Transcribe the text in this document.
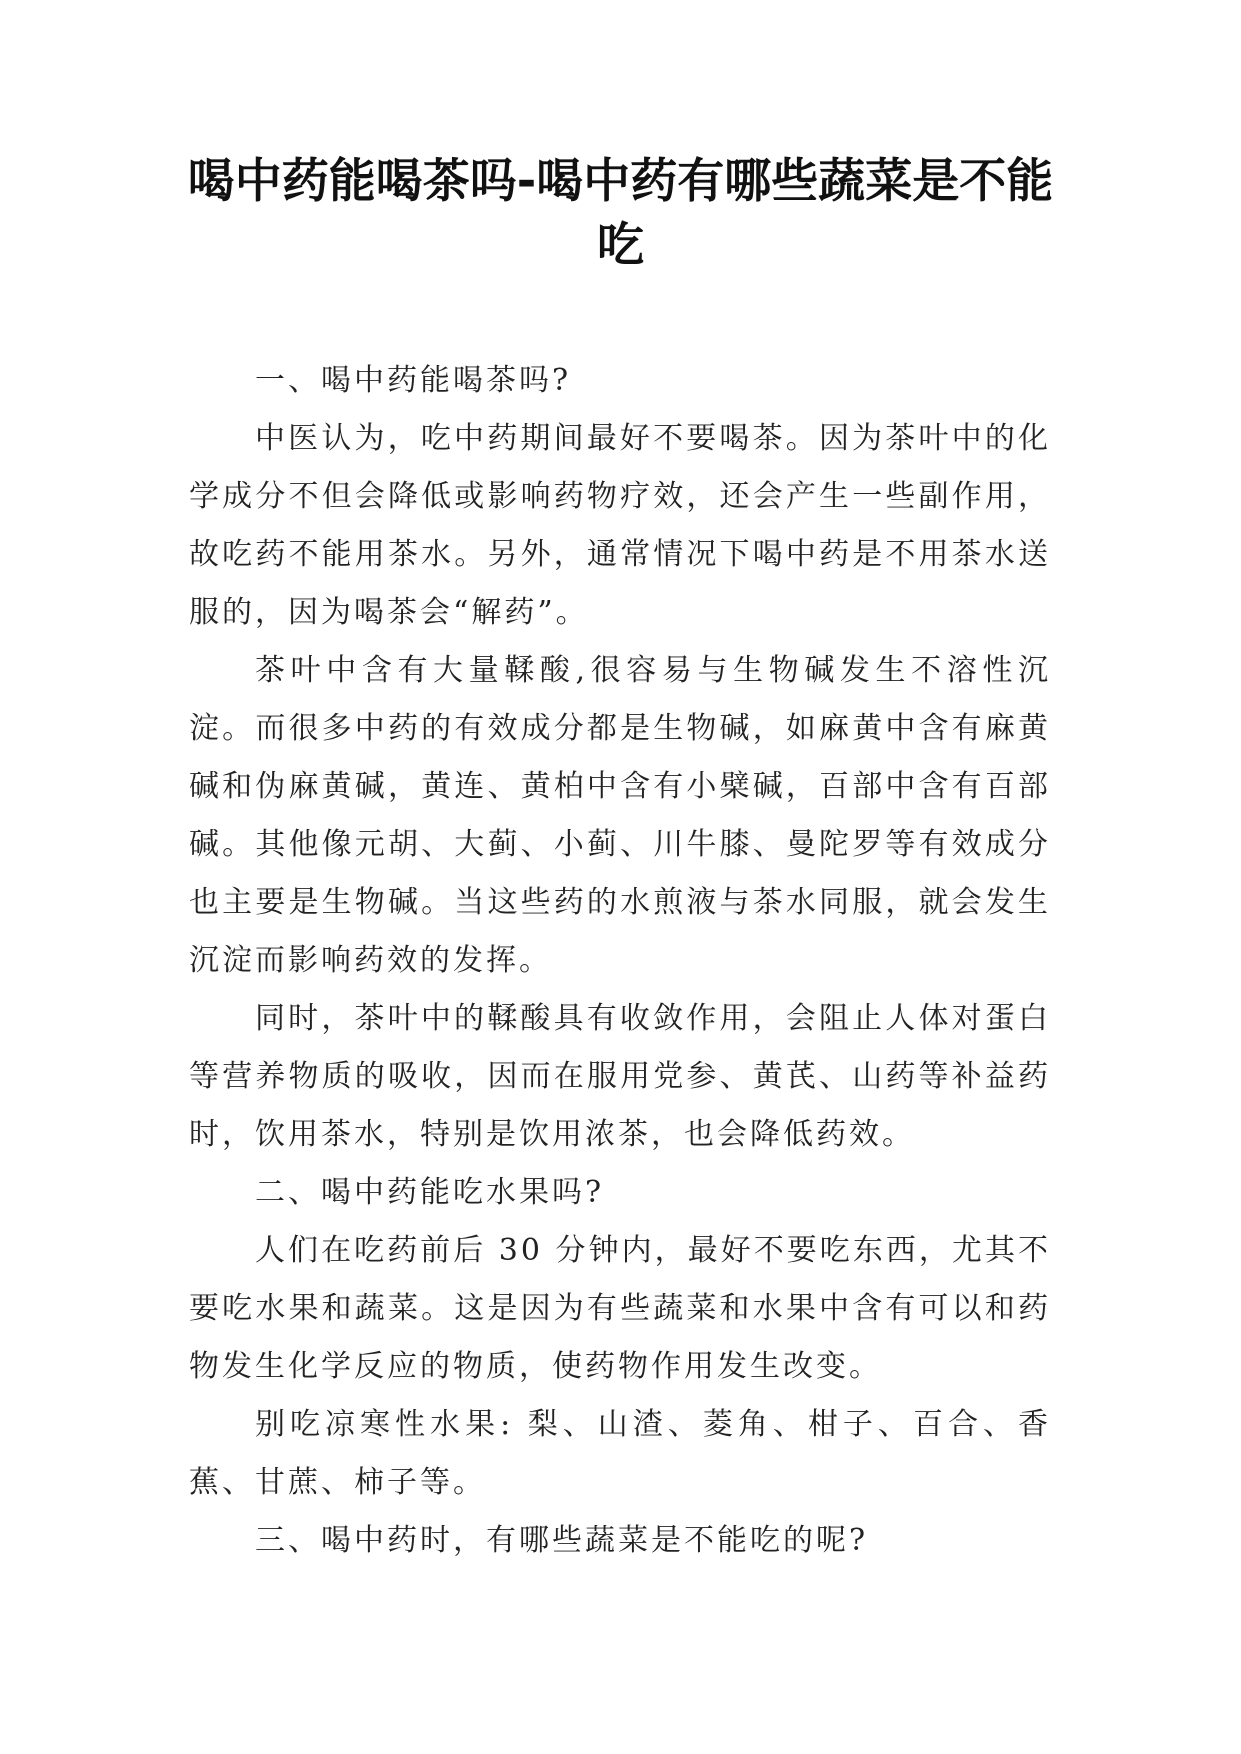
喝中药能喝茶吗-喝中药有哪些蔬菜是不能吃

一、喝中药能喝茶吗?

中医认为，吃中药期间最好不要喝茶。因为茶叶中的化学成分不但会降低或影响药物疗效，还会产生一些副作用，故吃药不能用茶水。另外，通常情况下喝中药是不用茶水送服的，因为喝茶会“解药”。

茶叶中含有大量鞣酸,很容易与生物碱发生不溶性沉淀。而很多中药的有效成分都是生物碱，如麻黄中含有麻黄碱和伪麻黄碱，黄连、黄柏中含有小檗碱，百部中含有百部碱。其他像元胡、大蓟、小蓟、川牛膝、曼陀罗等有效成分也主要是生物碱。当这些药的水煎液与茶水同服，就会发生沉淀而影响药效的发挥。

同时，茶叶中的鞣酸具有收敛作用，会阻止人体对蛋白等营养物质的吸收，因而在服用党参、黄芪、山药等补益药时，饮用茶水，特别是饮用浓茶，也会降低药效。

二、喝中药能吃水果吗?

人们在吃药前后 30 分钟内，最好不要吃东西，尤其不要吃水果和蔬菜。这是因为有些蔬菜和水果中含有可以和药物发生化学反应的物质，使药物作用发生改变。

别吃凉寒性水果: 梨、山渣、菱角、柑子、百合、香蕉、甘蔗、柿子等。

三、喝中药时，有哪些蔬菜是不能吃的呢?
